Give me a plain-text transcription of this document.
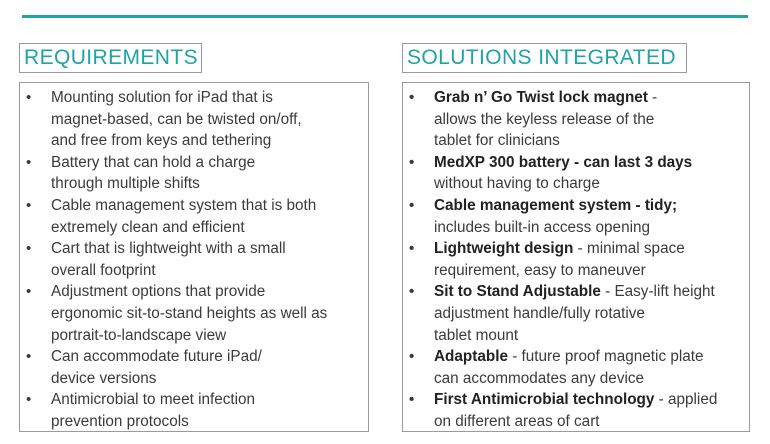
REQUIREMENTS	SOLUTIONS INTEGRATED
• Mounting solution for iPad that is
magnet-based, can be twisted on/off,
and free from keys and tethering
• Battery that can hold a charge
through multiple shifts
• Cable management system that is both
extremely clean and efficient
• Cart that is lightweight with a small
overall footprint
• Adjustment options that provide
ergonomic sit-to-stand heights as well as
portrait-to-landscape view
• Can accommodate future iPad/
device versions
• Antimicrobial to meet infection
prevention protocols
• Grab n’ Go Twist lock magnet -
allows the keyless release of the
tablet for clinicians
• MedXP 300 battery - can last 3 days
without having to charge
• Cable management system - tidy;
includes built-in access opening
• Lightweight design - minimal space
requirement, easy to maneuver
• Sit to Stand Adjustable - Easy-lift height
adjustment handle/fully rotative
tablet mount
• Adaptable - future proof magnetic plate
can accommodates any device
• First Antimicrobial technology - applied
on different areas of cart
